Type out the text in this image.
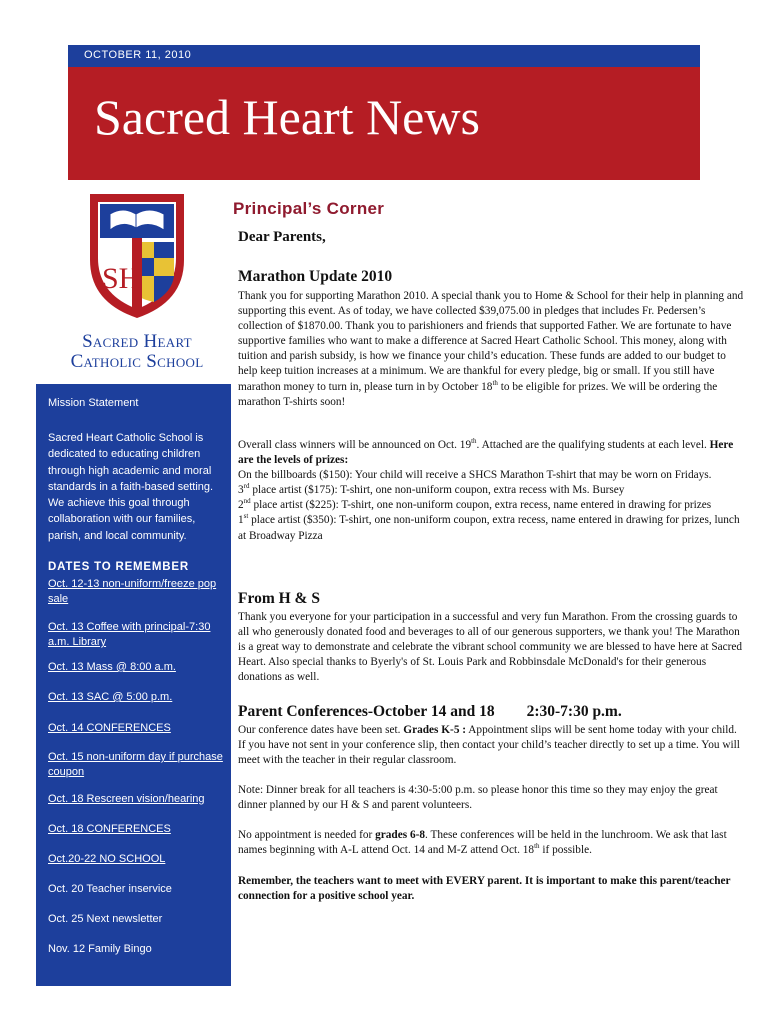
OCTOBER 11, 2010
Sacred Heart News
SH
Sacred Heart
Catholic School
Mission Statement
Sacred Heart Catholic School is dedicated to educating children through high academic and moral standards in a faith-based setting. We achieve this goal through collaboration with our families, parish, and local community.
DATES TO REMEMBER
Oct. 12-13 non-uniform/freeze pop sale
Oct. 13 Coffee with principal-7:30 a.m. Library
Oct. 13 Mass @ 8:00 a.m.
Oct. 13 SAC @ 5:00 p.m.
Oct. 14 CONFERENCES
Oct. 15 non-uniform day if purchase coupon
Oct. 18 Rescreen vision/hearing
Oct. 18 CONFERENCES
Oct.20-22 NO SCHOOL
Oct. 20 Teacher inservice
Oct. 25 Next newsletter
Nov. 12 Family Bingo
Principal’s Corner
Dear Parents,
Marathon Update 2010

Thank you for supporting Marathon 2010. A special thank you to Home & School for their help in planning and supporting this event. As of today, we have collected $39,075.00 in pledges that includes Fr. Pedersen’s collection of $1870.00. Thank you to parishioners and friends that supported Father. We are fortunate to have supportive families who want to make a difference at Sacred Heart Catholic School. This money, along with tuition and parish subsidy, is how we finance your child’s education. These funds are added to our budget to help keep tuition increases at a minimum. We are thankful for every pledge, big or small. If you still have marathon money to turn in, please turn in by October 18th to be eligible for prizes. We will be ordering the marathon T-shirts soon!

Overall class winners will be announced on Oct. 19th. Attached are the qualifying students at each level. Here are the levels of prizes:

On the billboards ($150): Your child will receive a SHCS Marathon T-shirt that may be worn on Fridays.

3rd place artist ($175): T-shirt, one non-uniform coupon, extra recess with Ms. Bursey

2nd place artist ($225): T-shirt, one non-uniform coupon, extra recess, name entered in drawing for prizes

1st place artist ($350): T-shirt, one non-uniform coupon, extra recess, name entered in drawing for prizes, lunch at Broadway Pizza

From H & S
Thank you everyone for your participation in a successful and very fun Marathon. From the crossing guards to all who generously donated food and beverages to all of our generous supporters, we thank you! The Marathon is a great way to demonstrate and celebrate the vibrant school community we are blessed to have here at Sacred Heart. Also special thanks to Byerly's of St. Louis Park and Robbinsdale McDonald's for their generous donations as well.
Parent Conferences-October 14 and 18 2:30-7:30 p.m.

Our conference dates have been set. Grades K-5 : Appointment slips will be sent home today with your child. If you have not sent in your conference slip, then contact your child’s teacher directly to set up a time. You will meet with the teacher in their regular classroom.

Note: Dinner break for all teachers is 4:30-5:00 p.m. so please honor this time so they may enjoy the great dinner planned by our H & S and parent volunteers.

No appointment is needed for grades 6-8. These conferences will be held in the lunchroom. We ask that last names beginning with A-L attend Oct. 14 and M-Z attend Oct. 18th if possible.

Remember, the teachers want to meet with EVERY parent. It is important to make this parent/teacher connection for a positive school year.
